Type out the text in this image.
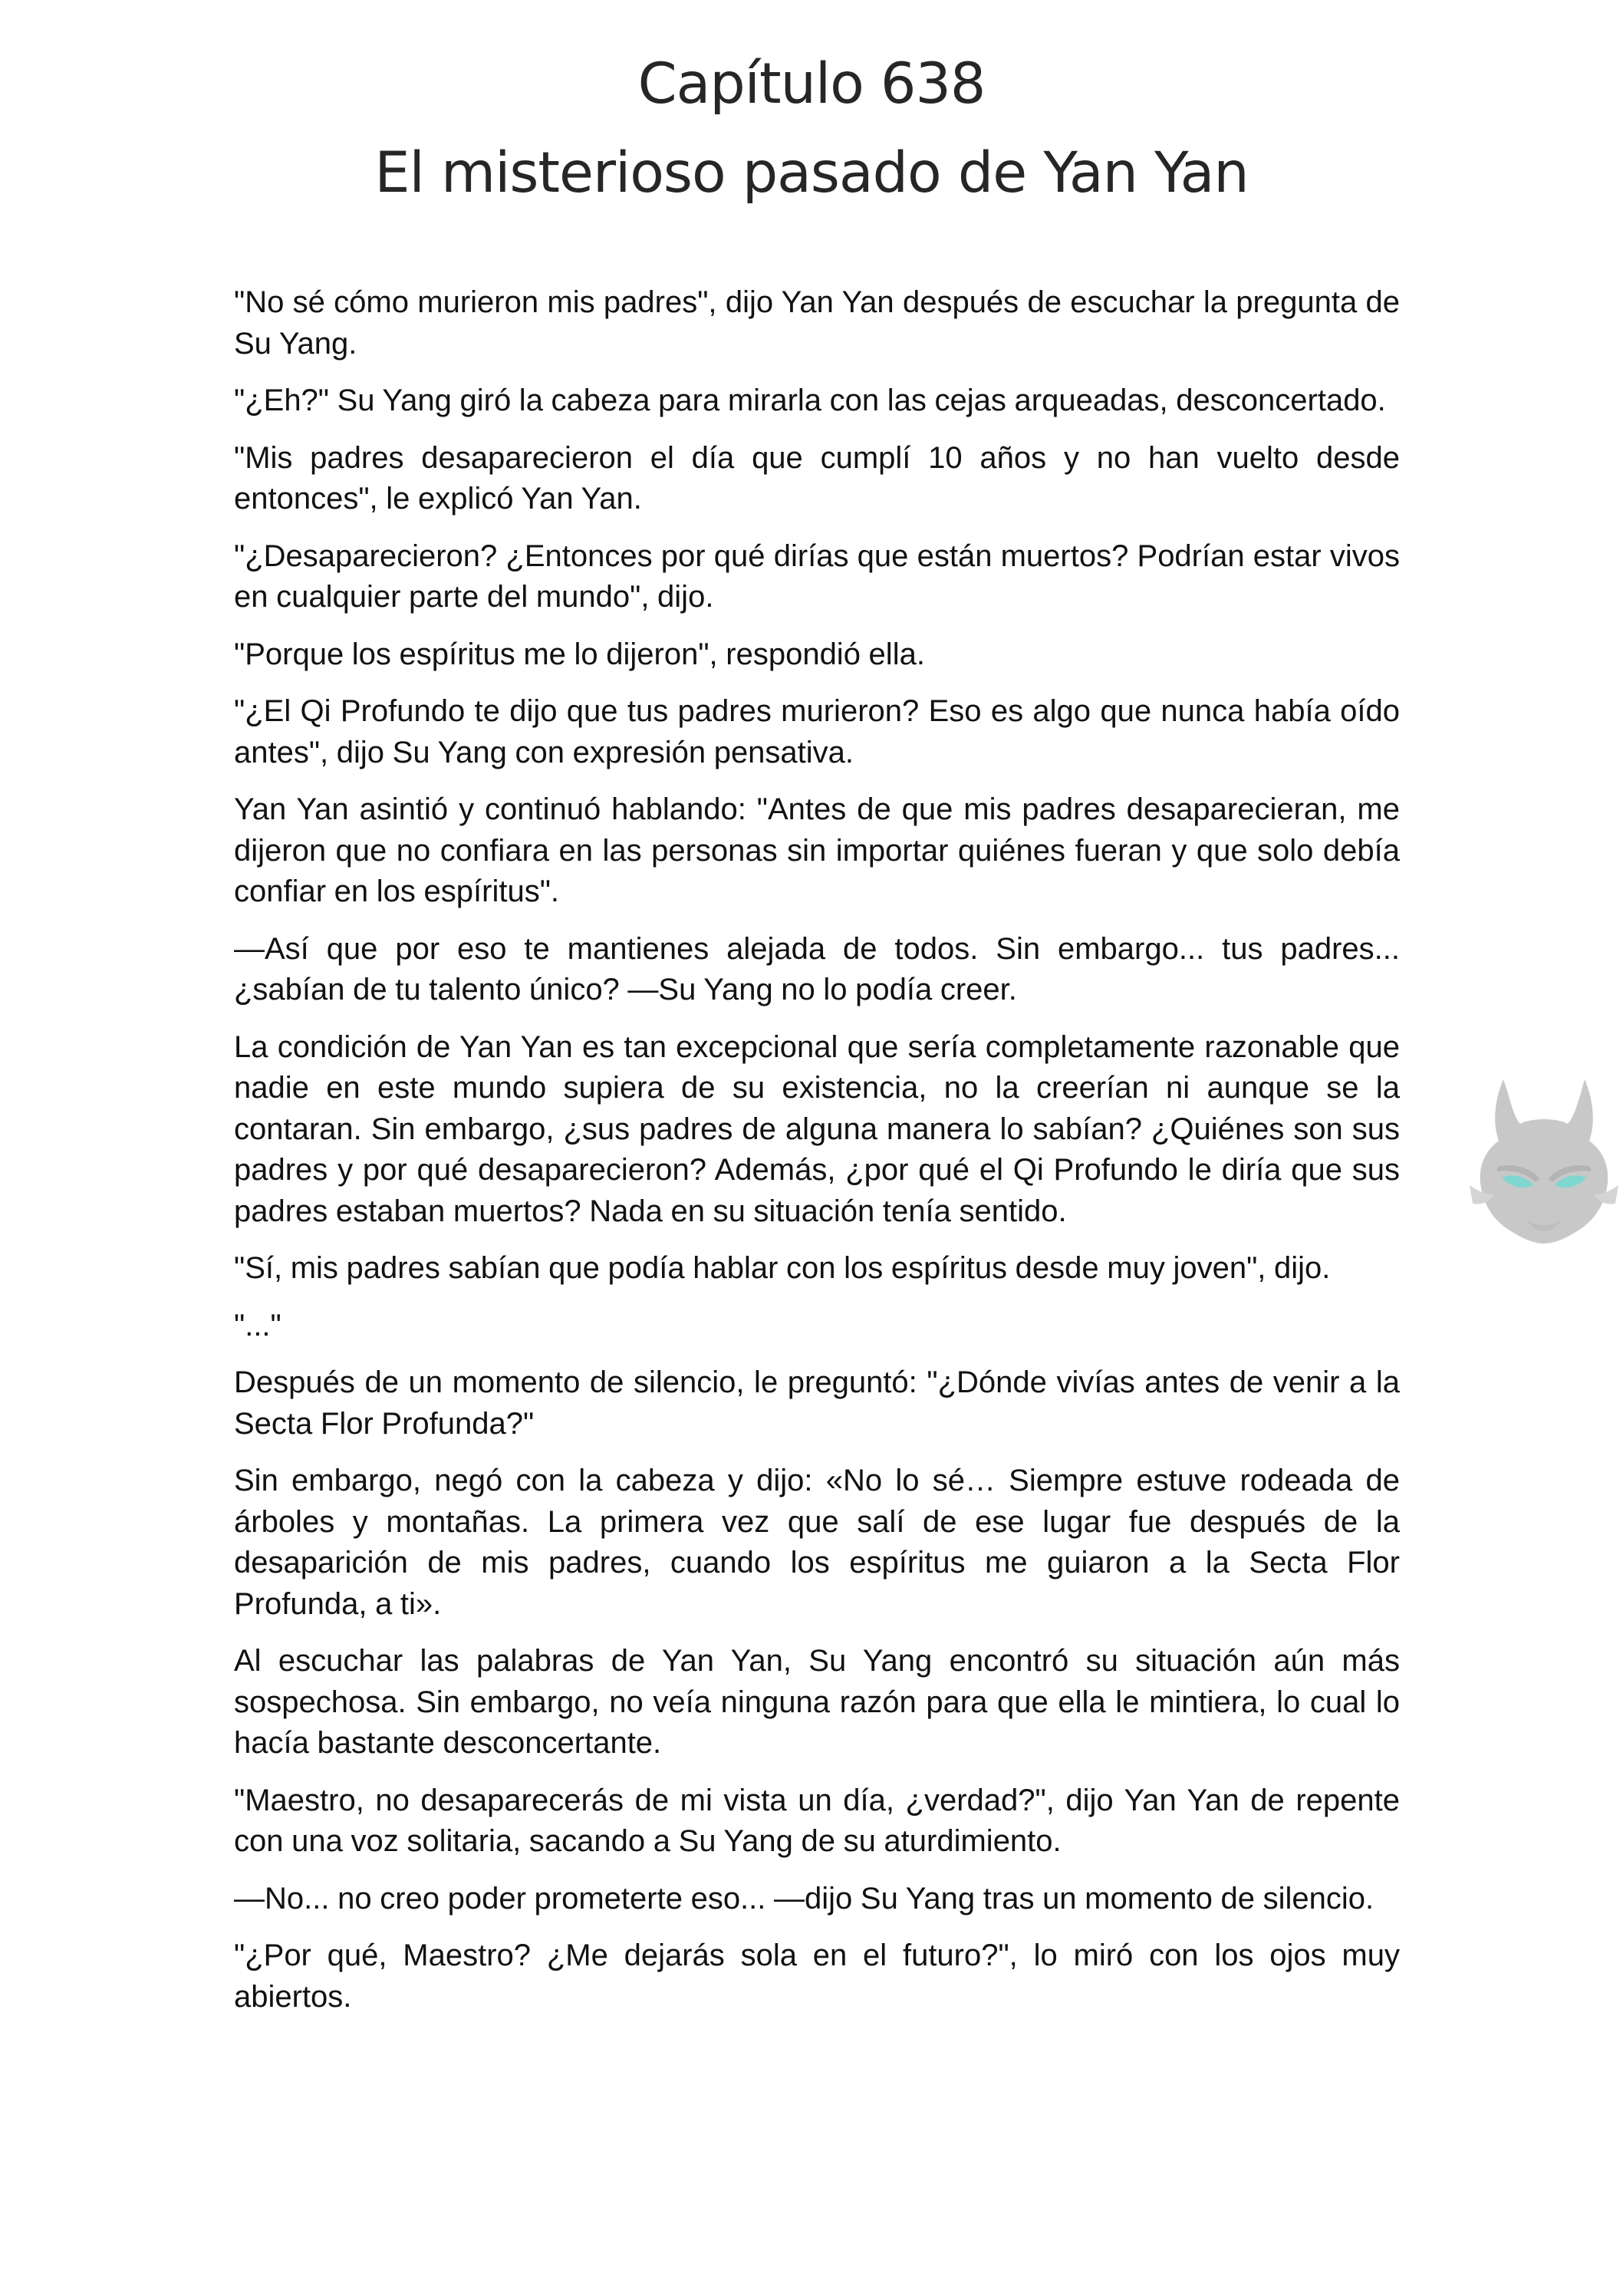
Capítulo 638
El misterioso pasado de Yan Yan

"No sé cómo murieron mis padres", dijo Yan Yan después de escuchar la pregunta de Su Yang.

"¿Eh?" Su Yang giró la cabeza para mirarla con las cejas arqueadas, desconcertado.

"Mis padres desaparecieron el día que cumplí 10 años y no han vuelto desde entonces", le explicó Yan Yan.

"¿Desaparecieron? ¿Entonces por qué dirías que están muertos? Podrían estar vivos en cualquier parte del mundo", dijo.

"Porque los espíritus me lo dijeron", respondió ella.

"¿El Qi Profundo te dijo que tus padres murieron? Eso es algo que nunca había oído antes", dijo Su Yang con expresión pensativa.

Yan Yan asintió y continuó hablando: "Antes de que mis padres desaparecieran, me dijeron que no confiara en las personas sin importar quiénes fueran y que solo debía confiar en los espíritus".

—Así que por eso te mantienes alejada de todos. Sin embargo... tus padres... ¿sabían de tu talento único? —Su Yang no lo podía creer.

La condición de Yan Yan es tan excepcional que sería completamente razonable que nadie en este mundo supiera de su existencia, no la creerían ni aunque se la contaran. Sin embargo, ¿sus padres de alguna manera lo sabían? ¿Quiénes son sus padres y por qué desaparecieron? Además, ¿por qué el Qi Profundo le diría que sus padres estaban muertos? Nada en su situación tenía sentido.

"Sí, mis padres sabían que podía hablar con los espíritus desde muy joven", dijo.

"..."

Después de un momento de silencio, le preguntó: "¿Dónde vivías antes de venir a la Secta Flor Profunda?"

Sin embargo, negó con la cabeza y dijo: «No lo sé… Siempre estuve rodeada de árboles y montañas. La primera vez que salí de ese lugar fue después de la desaparición de mis padres, cuando los espíritus me guiaron a la Secta Flor Profunda, a ti».

Al escuchar las palabras de Yan Yan, Su Yang encontró su situación aún más sospechosa. Sin embargo, no veía ninguna razón para que ella le mintiera, lo cual lo hacía bastante desconcertante.

"Maestro, no desaparecerás de mi vista un día, ¿verdad?", dijo Yan Yan de repente con una voz solitaria, sacando a Su Yang de su aturdimiento.

—No... no creo poder prometerte eso... —dijo Su Yang tras un momento de silencio.

"¿Por qué, Maestro? ¿Me dejarás sola en el futuro?", lo miró con los ojos muy abiertos.
